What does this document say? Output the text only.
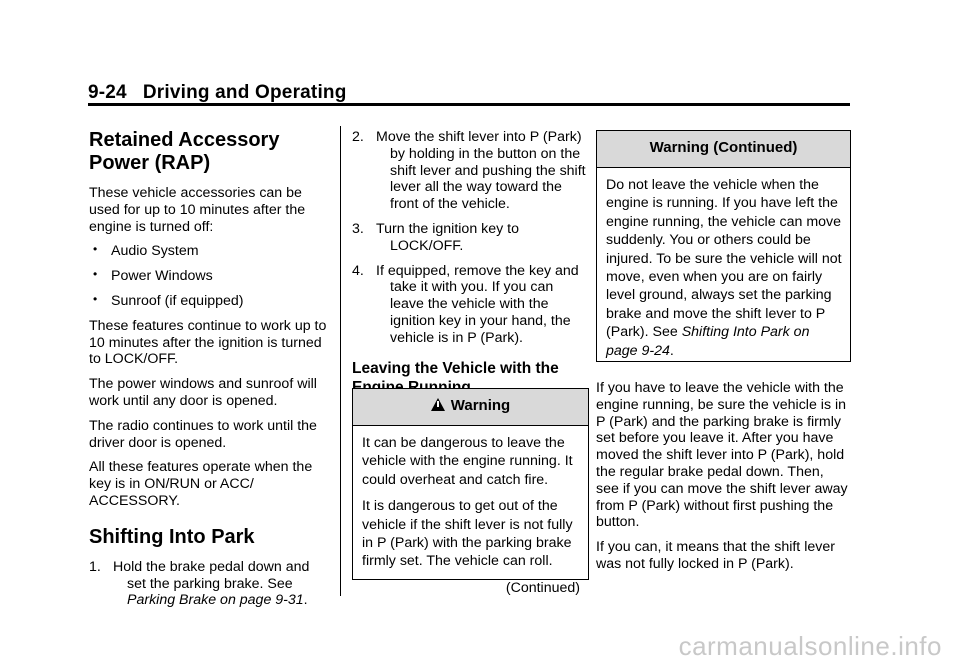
9-24 Driving and Operating
Retained Accessory
Power (RAP)

These vehicle accessories can be used for up to 10 minutes after the engine is turned off:

• Audio System
• Power Windows
• Sunroof (if equipped)

These features continue to work up to 10 minutes after the ignition is turned to LOCK/OFF.

The power windows and sunroof will work until any door is opened.

The radio continues to work until the driver door is opened.

All these features operate when the key is in ON/RUN or ACC/ ACCESSORY.

Shifting Into Park
1. Hold the brake pedal down and set the parking brake. See Parking Brake on page 9-31.
2. Move the shift lever into P (Park) by holding in the button on the shift lever and pushing the shift lever all the way toward the front of the vehicle.
3. Turn the ignition key to LOCK/OFF.
4. If equipped, remove the key and take it with you. If you can leave the vehicle with the ignition key in your hand, the vehicle is in P (Park).
Leaving the Vehicle with the
Warning

It can be dangerous to leave the vehicle with the engine running. It could overheat and catch fire.

It is dangerous to get out of the vehicle if the shift lever is not fully in P (Park) with the parking brake firmly set. The vehicle can roll.

(Continued)
Warning (Continued)
Do not leave the vehicle when the engine is running. If you have left the engine running, the vehicle can move suddenly. You or others could be injured. To be sure the vehicle will not move, even when you are on fairly level ground, always set the parking brake and move the shift lever to P (Park). See Shifting Into Park on page 9-24.

If you have to leave the vehicle with the engine running, be sure the vehicle is in P (Park) and the parking brake is firmly set before you leave it. After you have moved the shift lever into P (Park), hold the regular brake pedal down. Then, see if you can move the shift lever away from P (Park) without first pushing the button.

If you can, it means that the shift lever was not fully locked in P (Park).

carmanualsonline.info
